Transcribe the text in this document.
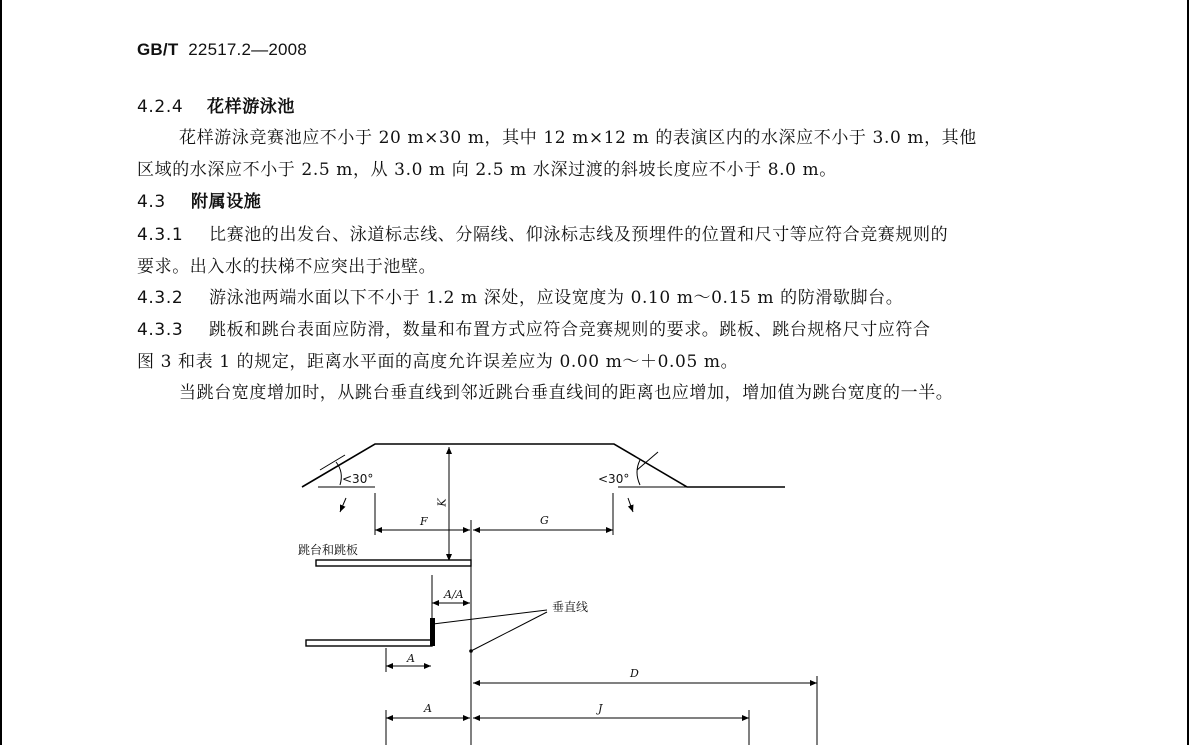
GB/T 22517.2—2008
4.2.4 花样游泳池
花样游泳竞赛池应不小于 20 m×30 m，其中 12 m×12 m 的表演区内的水深应不小于 3.0 m，其他
区域的水深应不小于 2.5 m，从 3.0 m 向 2.5 m 水深过渡的斜坡长度应不小于 8.0 m。
4.3 附属设施
4.3.1 比赛池的出发台、泳道标志线、分隔线、仰泳标志线及预埋件的位置和尺寸等应符合竞赛规则的
要求。出入水的扶梯不应突出于池壁。
4.3.2 游泳池两端水面以下不小于 1.2 m 深处，应设宽度为 0.10 m～0.15 m 的防滑歇脚台。
4.3.3 跳板和跳台表面应防滑，数量和布置方式应符合竞赛规则的要求。跳板、跳台规格尺寸应符合
图 3 和表 1 的规定，距离水平面的高度允许误差应为 0.00 m～＋0.05 m。
当跳台宽度增加时，从跳台垂直线到邻近跳台垂直线间的距离也应增加，增加值为跳台宽度的一半。
<30°	<30°
F
K
G
跳台和跳板
A/A
垂直线
A
D
A	J
